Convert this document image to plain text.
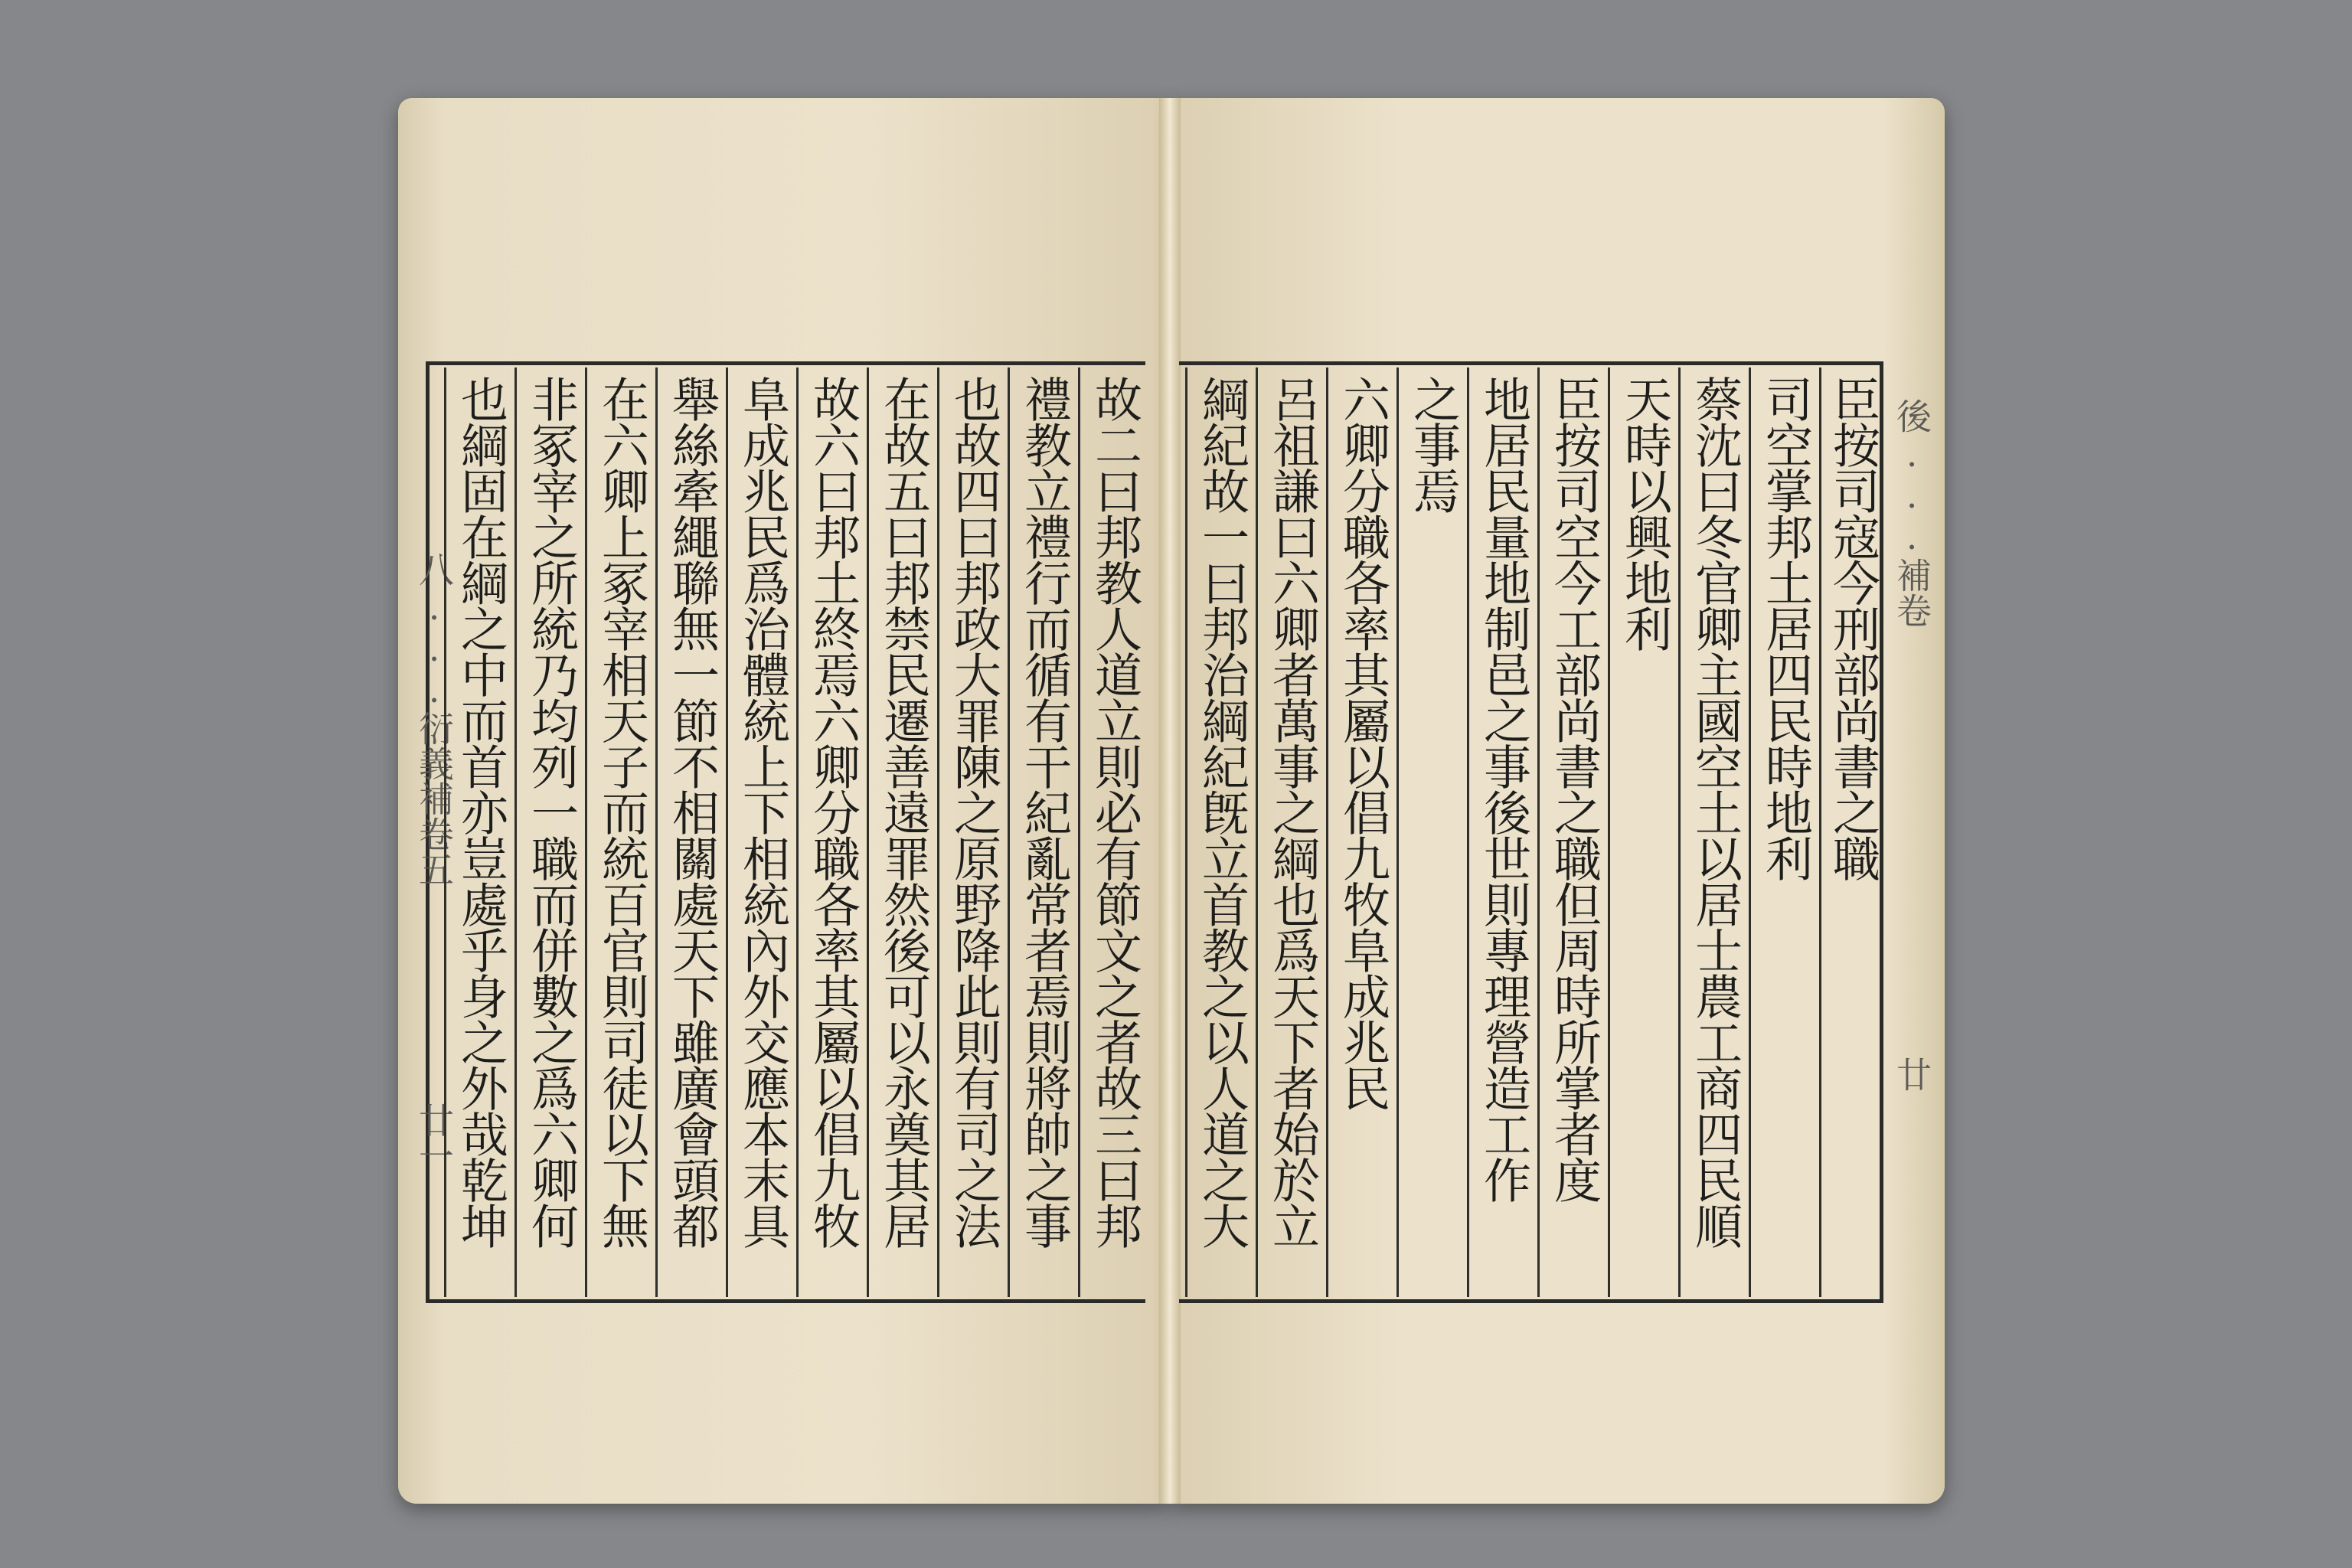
八...衍義補卷五
廿一
後...補卷
廿
也綱固在綱之中而首亦豈處乎身之外哉乾坤 非冢宰之所統乃均列一職而併數之爲六卿何 在六卿上冢宰相天子而統百官則司徒以下無 舉絲牽繩聯無一節不相關處天下雖廣會頭都 阜成兆民爲治體統上下相統內外交應本末具 故六曰邦土終焉六卿分職各率其屬以倡九牧 在故五曰邦禁民遷善遠罪然後可以永奠其居 也故四曰邦政大罪陳之原野降此則有司之法 禮教立禮行而循有干紀亂常者焉則將帥之事 故二曰邦教人道立則必有節文之者故三曰邦 綱紀故一曰邦治綱紀旣立首教之以人道之大 呂祖謙曰六卿者萬事之綱也爲天下者始於立 六卿分職各率其屬以倡九牧阜成兆民 之事焉 地居民量地制邑之事後世則專理營造工作 臣按司空今工部尚書之職但周時所掌者度 天時以興地利 蔡沈曰冬官卿主國空土以居士農工商四民順 司空掌邦土居四民時地利 臣按司寇今刑部尚書之職
